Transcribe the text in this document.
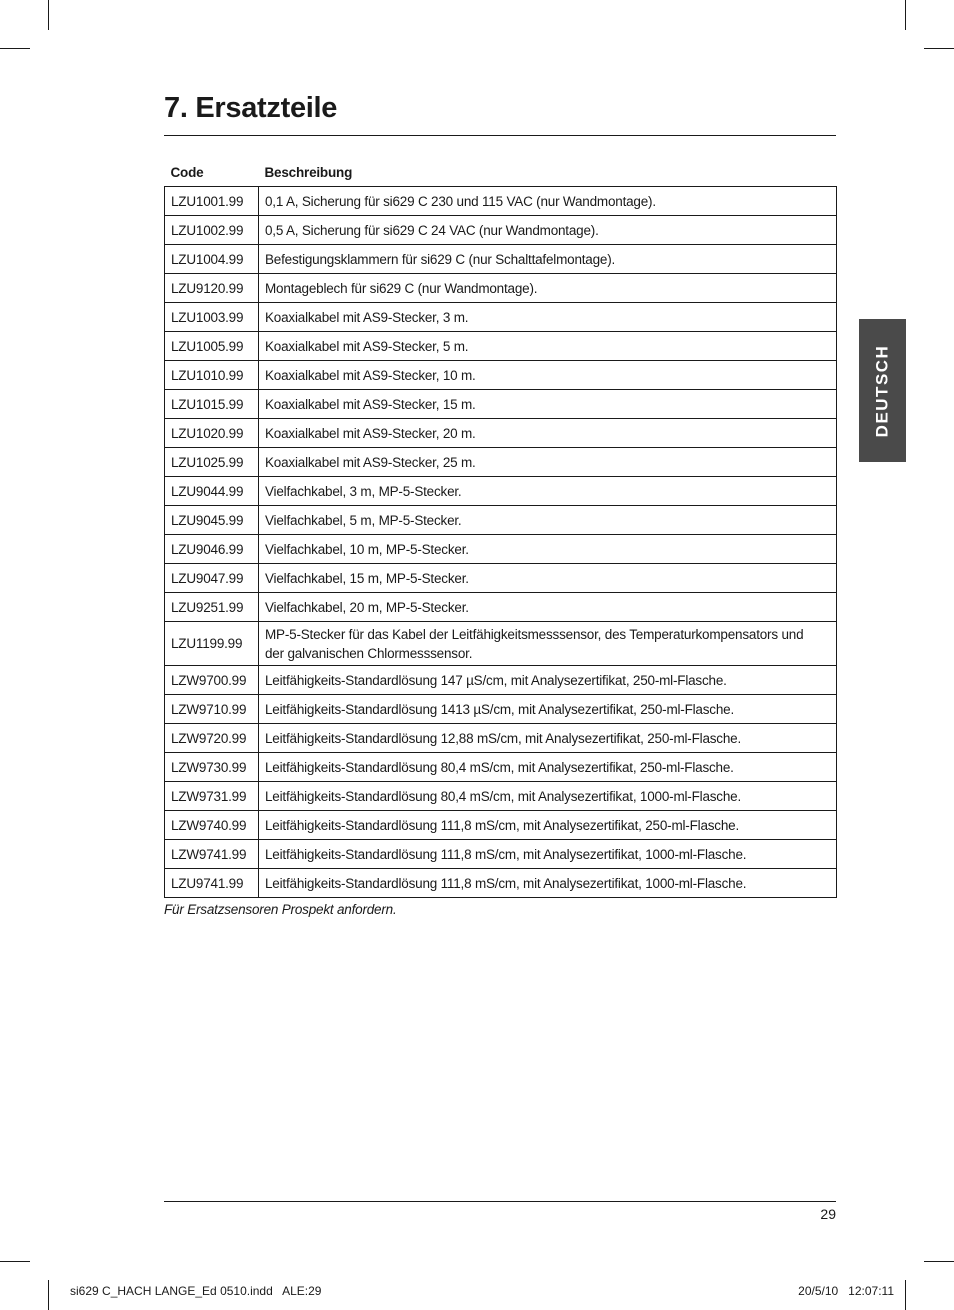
7. Ersatzteile
DEUTSCH
Code	Beschreibung
LZU1001.99	0,1 A, Sicherung für si629 C 230 und 115 VAC (nur Wandmontage).
LZU1002.99	0,5 A, Sicherung für si629 C 24 VAC (nur Wandmontage).
LZU1004.99	Befestigungsklammern für si629 C (nur Schalttafelmontage).
LZU9120.99	Montageblech für si629 C (nur Wandmontage).
LZU1003.99	Koaxialkabel mit AS9-Stecker, 3 m.
LZU1005.99	Koaxialkabel mit AS9-Stecker, 5 m.
LZU1010.99	Koaxialkabel mit AS9-Stecker, 10 m.
LZU1015.99	Koaxialkabel mit AS9-Stecker, 15 m.
LZU1020.99	Koaxialkabel mit AS9-Stecker, 20 m.
LZU1025.99	Koaxialkabel mit AS9-Stecker, 25 m.
LZU9044.99	Vielfachkabel, 3 m, MP-5-Stecker.
LZU9045.99	Vielfachkabel, 5 m, MP-5-Stecker.
LZU9046.99	Vielfachkabel, 10 m, MP-5-Stecker.
LZU9047.99	Vielfachkabel, 15 m, MP-5-Stecker.
LZU9251.99	Vielfachkabel, 20 m, MP-5-Stecker.
LZU1199.99	MP-5-Stecker für das Kabel der Leitfähigkeitsmesssensor, des Temperaturkompensators und
der galvanischen Chlormesssensor.

LZW9700.99	Leitfähigkeits-Standardlösung 147 µS/cm, mit Analysezertifikat, 250-ml-Flasche.
LZW9710.99	Leitfähigkeits-Standardlösung 1413 µS/cm, mit Analysezertifikat, 250-ml-Flasche.
LZW9720.99	Leitfähigkeits-Standardlösung 12,88 mS/cm, mit Analysezertifikat, 250-ml-Flasche.
LZW9730.99	Leitfähigkeits-Standardlösung 80,4 mS/cm, mit Analysezertifikat, 250-ml-Flasche.
LZW9731.99	Leitfähigkeits-Standardlösung 80,4 mS/cm, mit Analysezertifikat, 1000-ml-Flasche.
LZW9740.99	Leitfähigkeits-Standardlösung 111,8 mS/cm, mit Analysezertifikat, 250-ml-Flasche.
LZW9741.99	Leitfähigkeits-Standardlösung 111,8 mS/cm, mit Analysezertifikat, 1000-ml-Flasche.
LZU9741.99	Leitfähigkeits-Standardlösung 111,8 mS/cm, mit Analysezertifikat, 1000-ml-Flasche.
Für Ersatzsensoren Prospekt anfordern.
29
si629 C_HACH LANGE_Ed 0510.indd   ALE:29	20/5/10   12:07:11
